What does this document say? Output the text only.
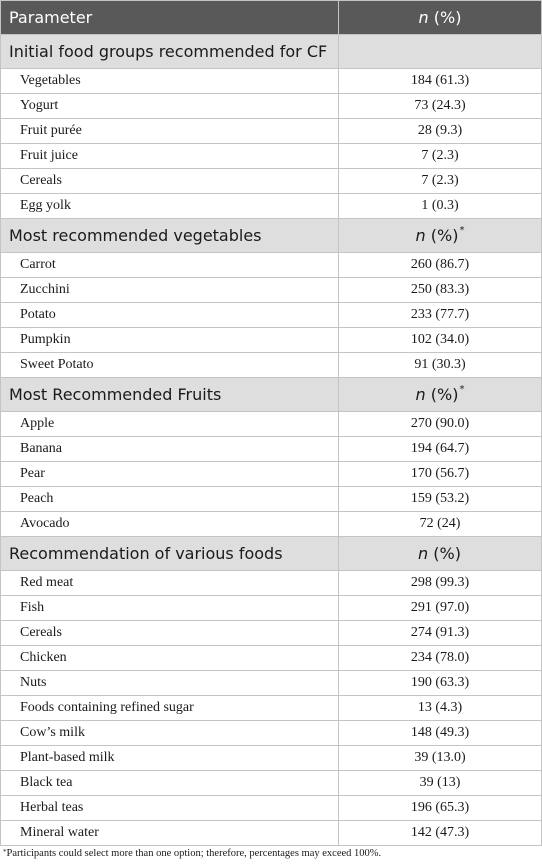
Parameter	n (%)
Initial food groups recommended for CF	
Vegetables	184 (61.3)
Yogurt	73 (24.3)
Fruit purée	28 (9.3)
Fruit juice	7 (2.3)
Cereals	7 (2.3)
Egg yolk	1 (0.3)
Most recommended vegetables	n (%)*
Carrot	260 (86.7)
Zucchini	250 (83.3)
Potato	233 (77.7)
Pumpkin	102 (34.0)
Sweet Potato	91 (30.3)
Most Recommended Fruits	n (%)*
Apple	270 (90.0)
Banana	194 (64.7)
Pear	170 (56.7)
Peach	159 (53.2)
Avocado	72 (24)
Recommendation of various foods	n (%)
Red meat	298 (99.3)
Fish	291 (97.0)
Cereals	274 (91.3)
Chicken	234 (78.0)
Nuts	190 (63.3)
Foods containing refined sugar	13 (4.3)
Cow’s milk	148 (49.3)
Plant-based milk	39 (13.0)
Black tea	39 (13)
Herbal teas	196 (65.3)
Mineral water	142 (47.3)
*Participants could select more than one option; therefore, percentages may exceed 100%.
